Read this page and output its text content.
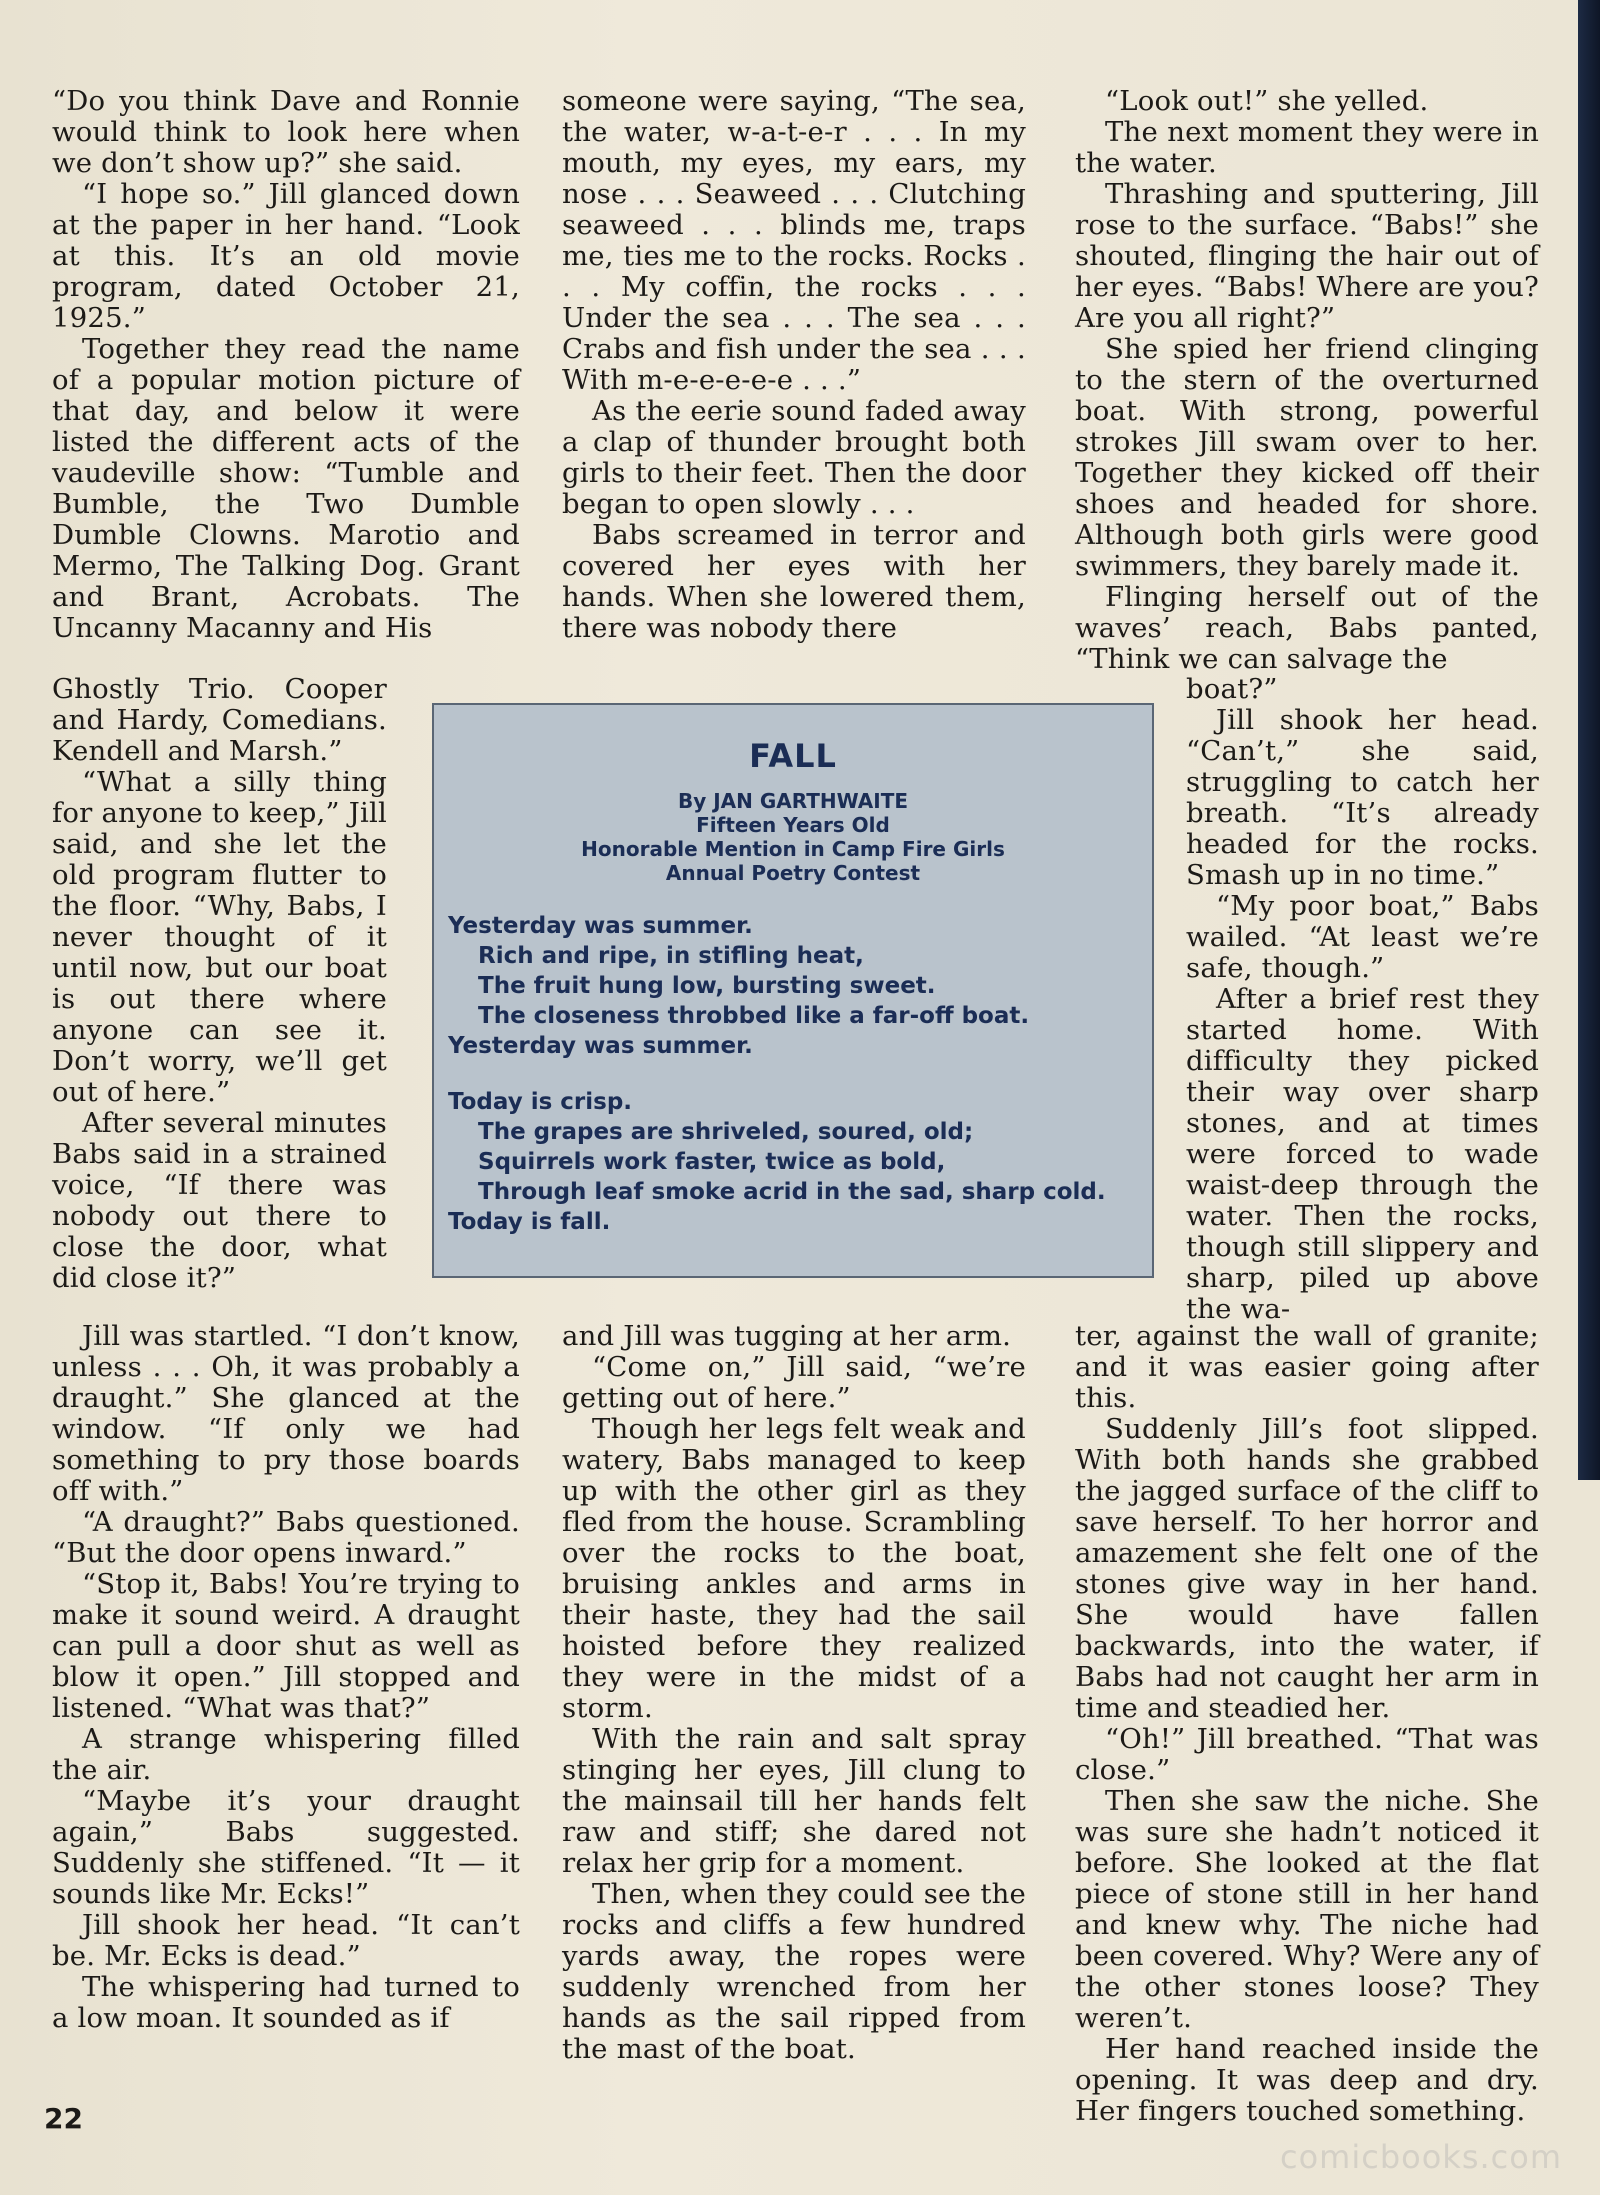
“Do you think Dave and Ronnie would think to look here when we don’t show up?” she said.

“I hope so.” Jill glanced down at the paper in her hand. “Look at this. It’s an old movie program, dated October 21, 1925.”

Together they read the name of a popular motion picture of that day, and below it were listed the different acts of the vaudeville show: “Tumble and Bumble, the Two Dumble Dumble Clowns. Marotio and Mermo, The Talking Dog. Grant and Brant, Acrobats. The Uncanny Macanny and His

Ghostly Trio. Cooper and Hardy, Comedians. Kendell and Marsh.”

“What a silly thing for anyone to keep,” Jill said, and she let the old program flutter to the floor. “Why, Babs, I never thought of it until now, but our boat is out there where anyone can see it. Don’t worry, we’ll get out of here.”

After several minutes Babs said in a strained voice, “If there was nobody out there to close the door, what did close it?”

Jill was startled. “I don’t know, unless . . . Oh, it was probably a draught.” She glanced at the window. “If only we had something to pry those boards off with.”

“A draught?” Babs questioned. “But the door opens inward.”

“Stop it, Babs! You’re trying to make it sound weird. A draught can pull a door shut as well as blow it open.” Jill stopped and listened. “What was that?”

A strange whispering filled the air.

“Maybe it’s your draught again,” Babs suggested. Suddenly she stiffened. “It — it sounds like Mr. Ecks!”

Jill shook her head. “It can’t be. Mr. Ecks is dead.”

The whispering had turned to a low moan. It sounded as if

someone were saying, “The sea, the water, w-a-t-e-r . . . In my mouth, my eyes, my ears, my nose . . . Seaweed . . . Clutching seaweed . . . blinds me, traps me, ties me to the rocks. Rocks . . . My coffin, the rocks . . . Under the sea . . . The sea . . . Crabs and fish under the sea . . . With m-e-e-e-e-e . . .”

As the eerie sound faded away a clap of thunder brought both girls to their feet. Then the door began to open slowly . . .

Babs screamed in terror and covered her eyes with her hands. When she lowered them, there was nobody there

and Jill was tugging at her arm.

“Come on,” Jill said, “we’re getting out of here.”

Though her legs felt weak and watery, Babs managed to keep up with the other girl as they fled from the house. Scrambling over the rocks to the boat, bruising ankles and arms in their haste, they had the sail hoisted before they realized they were in the midst of a storm.

With the rain and salt spray stinging her eyes, Jill clung to the mainsail till her hands felt raw and stiff; she dared not relax her grip for a moment.

Then, when they could see the rocks and cliffs a few hundred yards away, the ropes were suddenly wrenched from her hands as the sail ripped from the mast of the boat.

“Look out!” she yelled.

The next moment they were in the water.

Thrashing and sputtering, Jill rose to the surface. “Babs!” she shouted, flinging the hair out of her eyes. “Babs! Where are you? Are you all right?”

She spied her friend clinging to the stern of the overturned boat. With strong, powerful strokes Jill swam over to her. Together they kicked off their shoes and headed for shore. Although both girls were good swimmers, they barely made it.

Flinging herself out of the waves’ reach, Babs panted, “Think we can salvage the

boat?”

Jill shook her head. “Can’t,” she said, struggling to catch her breath. “It’s already headed for the rocks. Smash up in no time.”

“My poor boat,” Babs wailed. “At least we’re safe, though.”

After a brief rest they started home. With difficulty they picked their way over sharp stones, and at times were forced to wade waist-deep through the water. Then the rocks, though still slippery and sharp, piled up above the wa-

ter, against the wall of granite; and it was easier going after this.

Suddenly Jill’s foot slipped. With both hands she grabbed the jagged surface of the cliff to save herself. To her horror and amazement she felt one of the stones give way in her hand. She would have fallen backwards, into the water, if Babs had not caught her arm in time and steadied her.

“Oh!” Jill breathed. “That was close.”

Then she saw the niche. She was sure she hadn’t noticed it before. She looked at the flat piece of stone still in her hand and knew why. The niche had been covered. Why? Were any of the other stones loose? They weren’t.

Her hand reached inside the opening. It was deep and dry. Her fingers touched something.

FALL
By JAN GARTHWAITE
Fifteen Years Old
Honorable Mention in Camp Fire Girls
Annual Poetry Contest
Yesterday was summer.
Rich and ripe, in stifling heat,
The fruit hung low, bursting sweet.
The closeness throbbed like a far-off boat.
Yesterday was summer.
Today is crisp.
The grapes are shriveled, soured, old;
Squirrels work faster, twice as bold,
Through leaf smoke acrid in the sad, sharp cold.
Today is fall.
22
comicbooks.com
